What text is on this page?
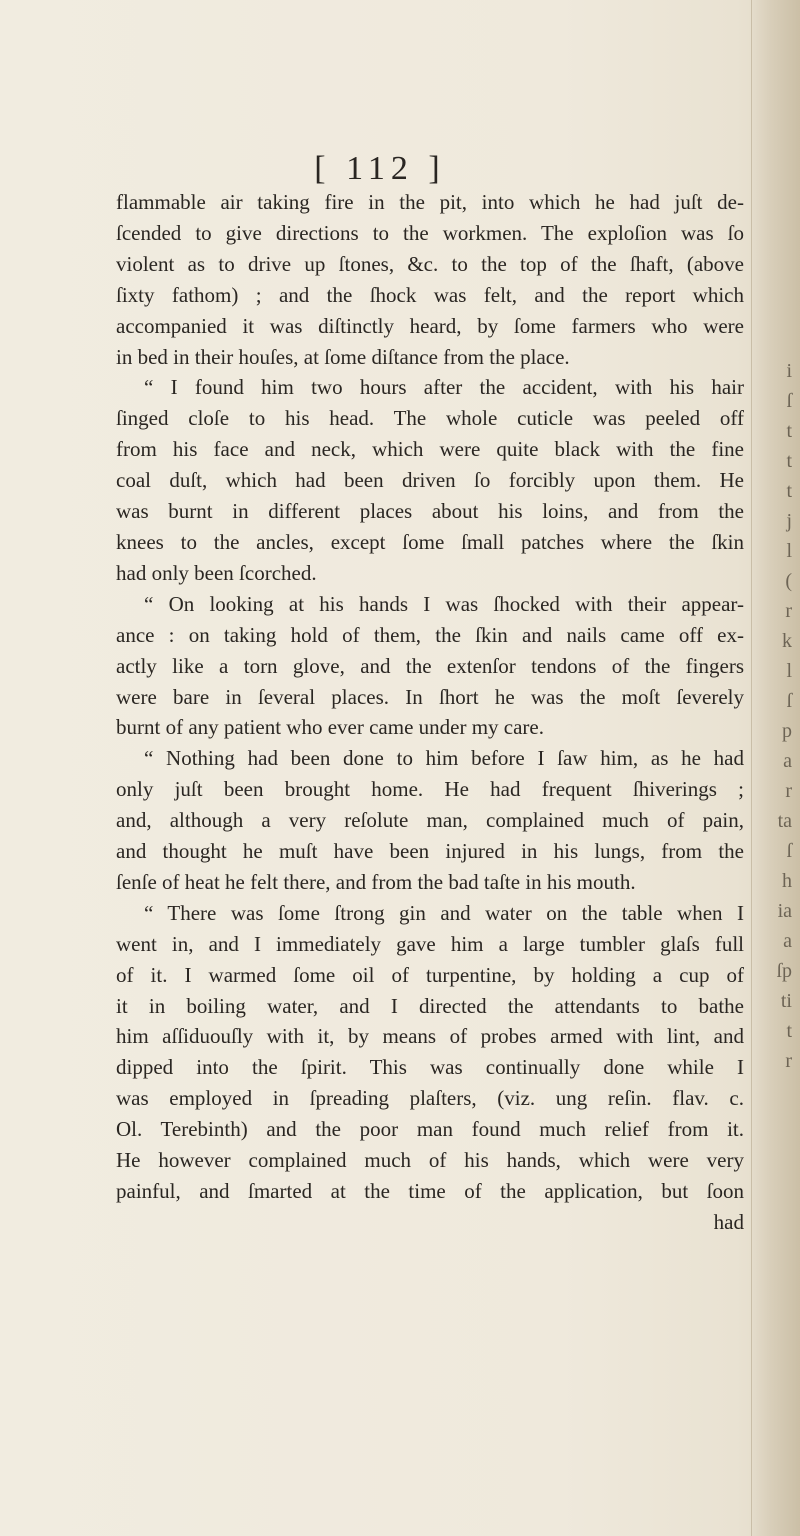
[ 112 ]
flammable air taking fire in the pit, into which he had juſt de-
ſcended to give directions to the workmen. The exploſion was ſo
violent as to drive up ſtones, &c. to the top of the ſhaft, (above
ſixty fathom) ; and the ſhock was felt, and the report which
accompanied it was diſtinctly heard, by ſome farmers who were
in bed in their houſes, at ſome diſtance from the place.
“ I found him two hours after the accident, with his hair
ſinged cloſe to his head. The whole cuticle was peeled off
from his face and neck, which were quite black with the fine
coal duſt, which had been driven ſo forcibly upon them. He
was burnt in different places about his loins, and from the
knees to the ancles, except ſome ſmall patches where the ſkin
had only been ſcorched.
“ On looking at his hands I was ſhocked with their appear-
ance : on taking hold of them, the ſkin and nails came off ex-
actly like a torn glove, and the extenſor tendons of the fingers
were bare in ſeveral places. In ſhort he was the moſt ſeverely
burnt of any patient who ever came under my care.
“ Nothing had been done to him before I ſaw him, as he had
only juſt been brought home. He had frequent ſhiverings ;
and, although a very reſolute man, complained much of pain,
and thought he muſt have been injured in his lungs, from the
ſenſe of heat he felt there, and from the bad taſte in his mouth.
“ There was ſome ſtrong gin and water on the table when I
went in, and I immediately gave him a large tumbler glaſs full
of it. I warmed ſome oil of turpentine, by holding a cup of
it in boiling water, and I directed the attendants to bathe
him aſſiduouſly with it, by means of probes armed with lint, and
dipped into the ſpirit. This was continually done while I
was employed in ſpreading plaſters, (viz. ung reſin. flav. c.
Ol. Terebinth) and the poor man found much relief from it.
He however complained much of his hands, which were very
painful, and ſmarted at the time of the application, but ſoon
had
i
ſ
t
t
t
j
l
(
r
k
l
ſ
p
a
r
ta
ſ
h
ia
a
ſp
ti
t
r
